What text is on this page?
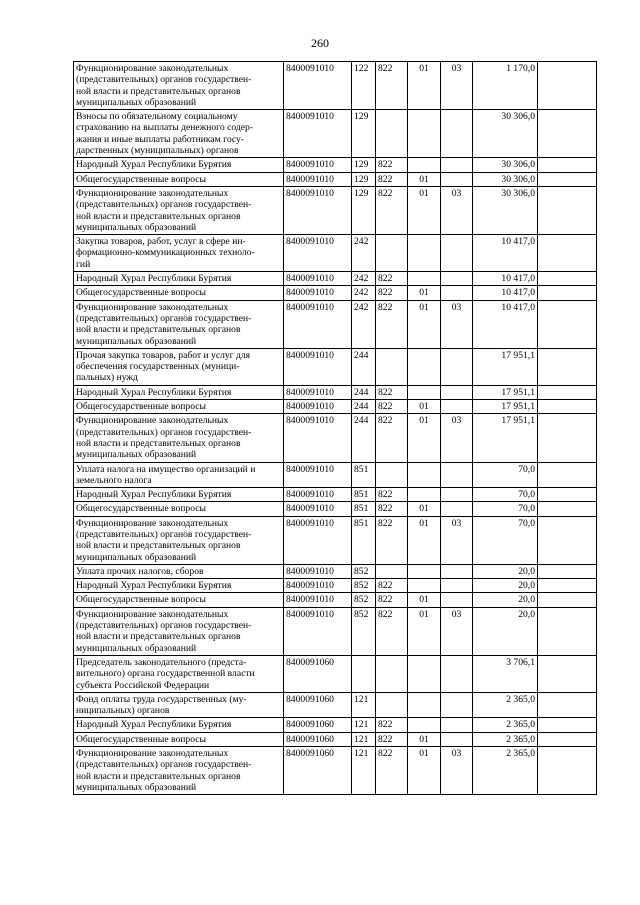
260
Функционирование законодательных
(представительных) органов государствен-
ной власти и представительных органов
муниципальных образований	8400091010	122	822	01	03	1 170,0	
Взносы по обязательному социальному
страхованию на выплаты денежного содер-
жания и иные выплаты работникам госу-
дарственных (муниципальных) органов	8400091010	129				30 306,0	
Народный Хурал Республики Бурятия	8400091010	129	822			30 306,0	
Общегосударственные вопросы	8400091010	129	822	01		30 306,0	
Функционирование законодательных
(представительных) органов государствен-
ной власти и представительных органов
муниципальных образований	8400091010	129	822	01	03	30 306,0	
Закупка товаров, работ, услуг в сфере ин-
формационно-коммуникационных техноло-
гий	8400091010	242				10 417,0	
Народный Хурал Республики Бурятия	8400091010	242	822			10 417,0	
Общегосударственные вопросы	8400091010	242	822	01		10 417,0	
Функционирование законодательных
(представительных) органов государствен-
ной власти и представительных органов
муниципальных образований	8400091010	242	822	01	03	10 417,0	
Прочая закупка товаров, работ и услуг для
обеспечения государственных (муници-
пальных) нужд	8400091010	244				17 951,1	
Народный Хурал Республики Бурятия	8400091010	244	822			17 951,1	
Общегосударственные вопросы	8400091010	244	822	01		17 951,1	
Функционирование законодательных
(представительных) органов государствен-
ной власти и представительных органов
муниципальных образований	8400091010	244	822	01	03	17 951,1	
Уплата налога на имущество организаций и
земельного налога	8400091010	851				70,0	
Народный Хурал Республики Бурятия	8400091010	851	822			70,0	
Общегосударственные вопросы	8400091010	851	822	01		70,0	
Функционирование законодательных
(представительных) органов государствен-
ной власти и представительных органов
муниципальных образований	8400091010	851	822	01	03	70,0	
Уплата прочих налогов, сборов	8400091010	852				20,0	
Народный Хурал Республики Бурятия	8400091010	852	822			20,0	
Общегосударственные вопросы	8400091010	852	822	01		20,0	
Функционирование законодательных
(представительных) органов государствен-
ной власти и представительных органов
муниципальных образований	8400091010	852	822	01	03	20,0	
Председатель законодательного (предста-
вительного) органа государственной власти
субъекта Российской Федерации	8400091060					3 706,1	
Фонд оплаты труда государственных (му-
ниципальных) органов	8400091060	121				2 365,0	
Народный Хурал Республики Бурятия	8400091060	121	822			2 365,0	
Общегосударственные вопросы	8400091060	121	822	01		2 365,0	
Функционирование законодательных
(представительных) органов государствен-
ной власти и представительных органов
муниципальных образований	8400091060	121	822	01	03	2 365,0	
